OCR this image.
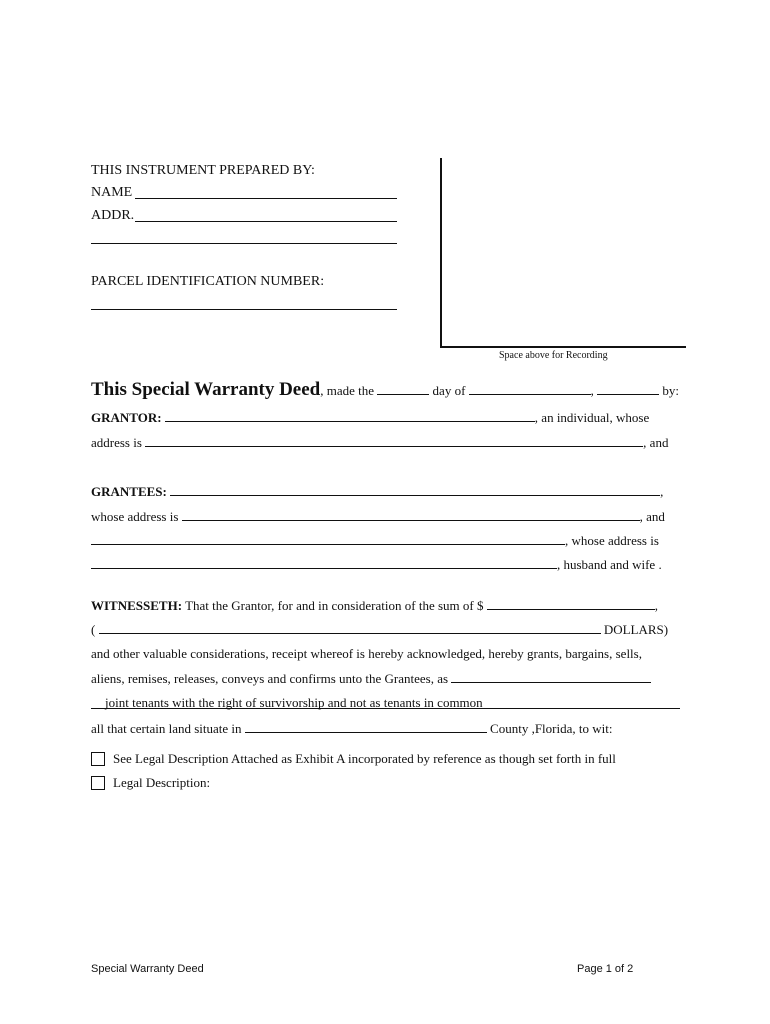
THIS INSTRUMENT PREPARED BY:
NAME
ADDR.
PARCEL IDENTIFICATION NUMBER:
Space above for Recording
This Special Warranty Deed, made the	day of	,	by:
GRANTOR:	, an individual, whose
address is	, and
GRANTEES:	,
whose address is	, and
, whose address is
, husband and wife .
WITNESSETH: That the Grantor, for and in consideration of the sum of $	,
(	DOLLARS)
and other valuable considerations, receipt whereof is hereby acknowledged, hereby grants, bargains, sells,
aliens, remises, releases, conveys and confirms unto the Grantees, as
joint tenants with the right of survivorship and not as tenants in common
all that certain land situate in	County ,Florida, to wit:
See Legal Description Attached as Exhibit A incorporated by reference as though set forth in full
Legal Description:
Special Warranty Deed	Page 1 of 2
